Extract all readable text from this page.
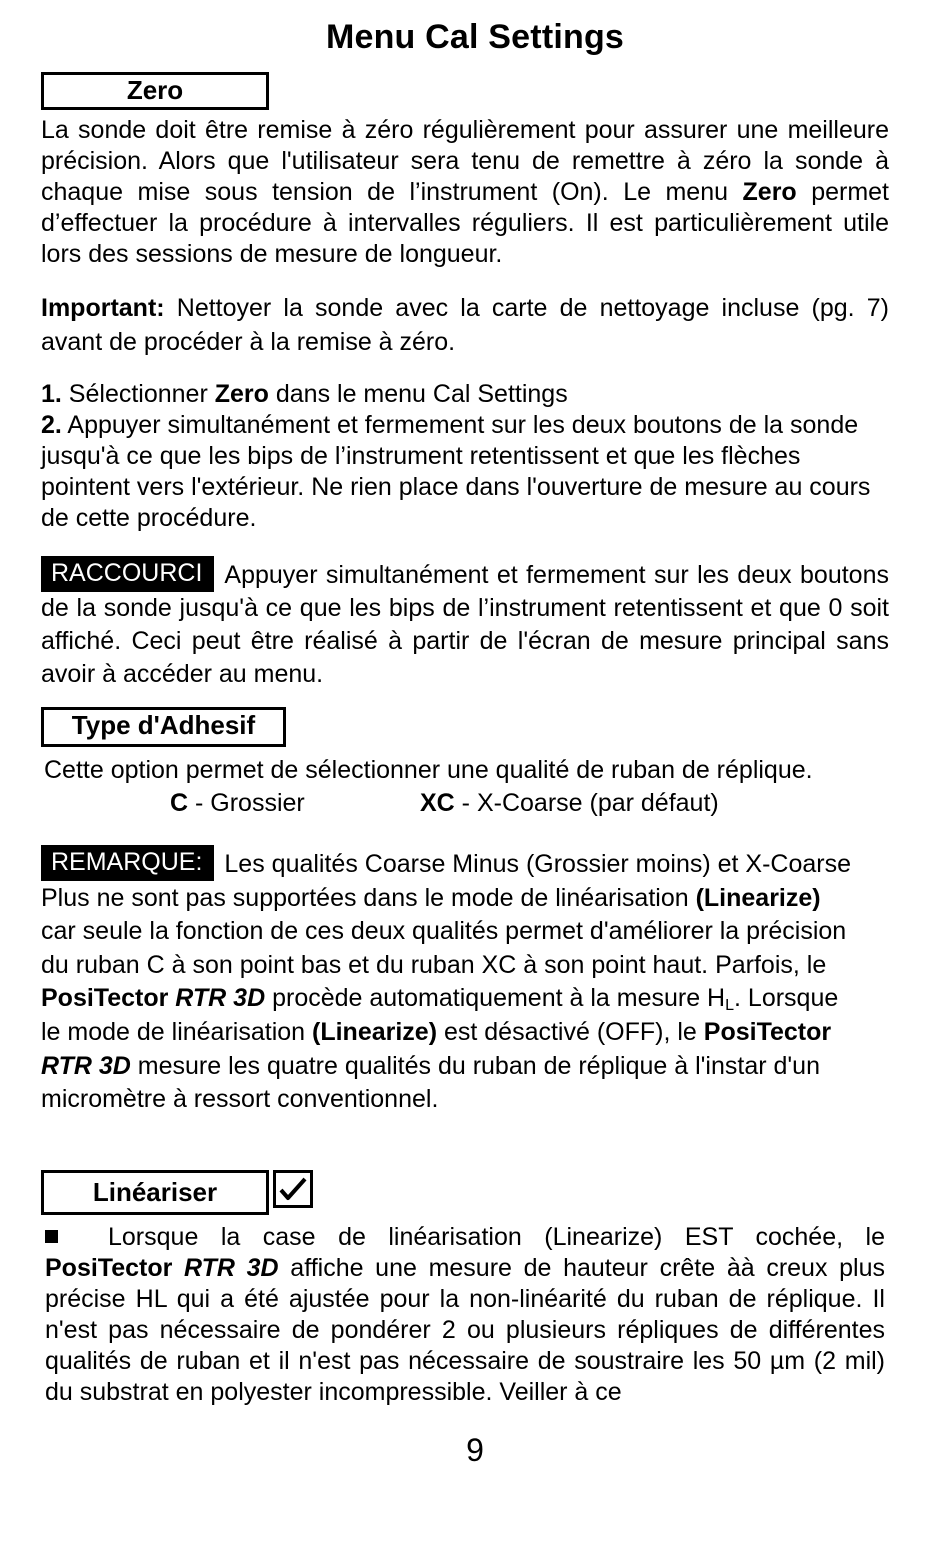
Menu Cal Settings
Zero
La sonde doit être remise à zéro régulièrement pour assurer une meilleure précision. Alors que l'utilisateur sera tenu de remettre à zéro la sonde à chaque mise sous tension de l’instrument (On). Le menu Zero permet d’effectuer la procédure à intervalles réguliers. Il est particulièrement utile lors des sessions de mesure de longueur.
Important: Nettoyer la sonde avec la carte de nettoyage incluse (pg. 7) avant de procéder à la remise à zéro.
1. Sélectionner Zero dans le menu Cal Settings
2. Appuyer simultanément et fermement sur les deux boutons de la sonde jusqu'à ce que les bips de l’instrument retentissent et que les flèches pointent vers l'extérieur. Ne rien place dans l'ouverture de mesure au cours de cette procédure.
RACCOURCI Appuyer simultanément et fermement sur les deux boutons de la sonde jusqu'à ce que les bips de l’instrument retentissent et que 0 soit affiché. Ceci peut être réalisé à partir de l'écran de mesure principal sans avoir à accéder au menu.
Type d'Adhesif
Cette option permet de sélectionner une qualité de ruban de réplique.
C - Grossier	XC - X-Coarse (par défaut)
REMARQUE: Les qualités Coarse Minus (Grossier moins) et X-Coarse Plus ne sont pas supportées dans le mode de linéarisation (Linearize) car seule la fonction de ces deux qualités permet d'améliorer la précision du ruban C à son point bas et du ruban XC à son point haut. Parfois, le PosiTector RTR 3D procède automatiquement à la mesure $H_L$. Lorsque le mode de linéarisation (Linearize) est désactivé (OFF), le PosiTector RTR 3D mesure les quatre qualités du ruban de réplique à l'instar d'un micromètre à ressort conventionnel.
Linéariser
Lorsque la case de linéarisation (Linearize) EST cochée, le PosiTector RTR 3D affiche une mesure de hauteur crête àà creux plus précise HL qui a été ajustée pour la non-linéarité du ruban de réplique. Il n'est pas nécessaire de pondérer 2 ou plusieurs répliques de différentes qualités de ruban et il n'est pas nécessaire de soustraire les 50 µm (2 mil) du substrat en polyester incompressible. Veiller à ce
9
